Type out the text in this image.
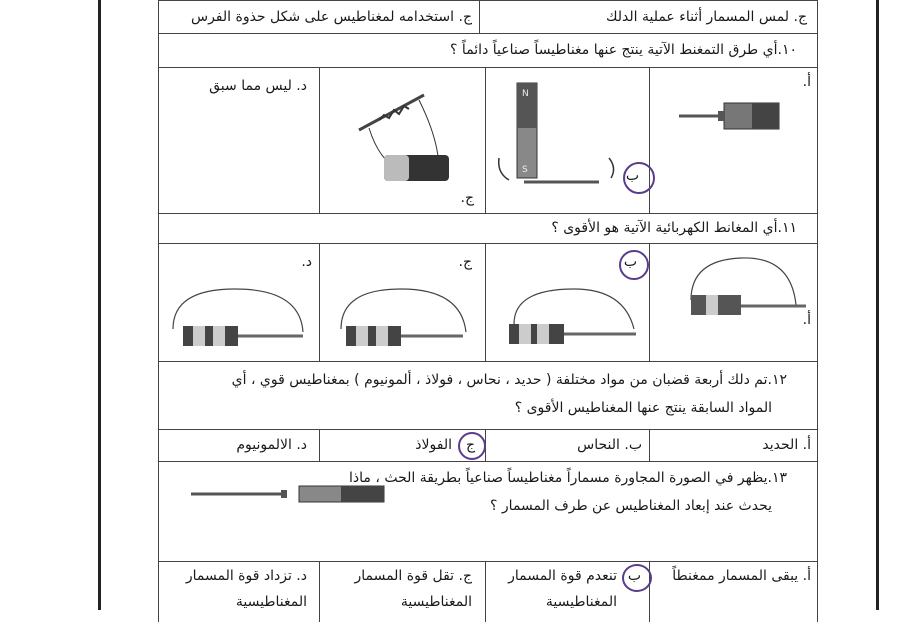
ج. لمس المسمار أثناء عملية الدلك
ج. استخدامه لمغناطيس على شكل حذوة الفرس
١٠.أي طرق التمغنط الآتية ينتج عنها مغناطيساً صناعياً دائماً ؟
أ.
N
S	ب
ج.
د. ليس مما سبق
١١.أي المغانط الكهربائية الآتية هو الأقوى ؟
أ.
ب
ج.
د.
١٢.تم دلك أربعة قضبان من مواد مختلفة ( حديد ، نحاس ، فولاذ ، ألمونيوم ) بمغناطيس قوي ، أي
المواد السابقة ينتج عنها المغناطيس الأقوى ؟
أ. الحديد
ب. النحاس
ج
الفولاذ
د. الالمونيوم
١٣.يظهر في الصورة المجاورة مسماراً مغناطيساً صناعياً بطريقة الحث ، ماذا
يحدث عند إبعاد المغناطيس عن طرف المسمار ؟
أ. يبقى المسمار ممغنطاً
ب
تنعدم قوة المسمار
المغناطيسية
ج. تقل قوة المسمار
المغناطيسية
د. تزداد قوة المسمار
المغناطيسية
